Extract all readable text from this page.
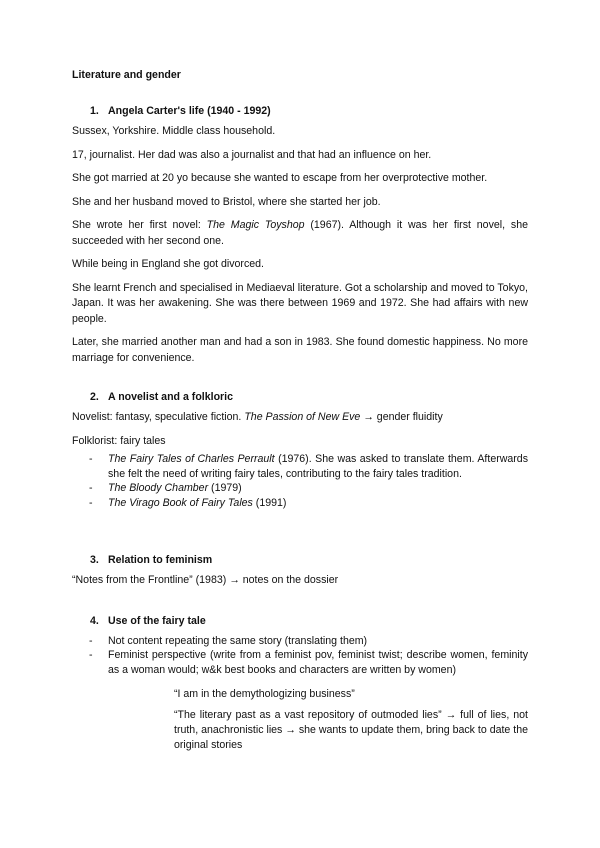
Literature and gender
1. Angela Carter's life (1940 - 1992)

Sussex, Yorkshire. Middle class household.

17, journalist. Her dad was also a journalist and that had an influence on her.

She got married at 20 yo because she wanted to escape from her overprotective mother.

She and her husband moved to Bristol, where she started her job.

She wrote her first novel: The Magic Toyshop (1967). Although it was her first novel, she succeeded with her second one.

While being in England she got divorced.

She learnt French and specialised in Mediaeval literature. Got a scholarship and moved to Tokyo, Japan. It was her awakening. She was there between 1969 and 1972. She had affairs with new people.

Later, she married another man and had a son in 1983. She found domestic happiness. No more marriage for convenience.

2. A novelist and a folkloric

Novelist: fantasy, speculative fiction. The Passion of New Eve → gender fluidity

Folklorist: fairy tales

- The Fairy Tales of Charles Perrault (1976). She was asked to translate them. Afterwards she felt the need of writing fairy tales, contributing to the fairy tales tradition.
- The Bloody Chamber (1979)
- The Virago Book of Fairy Tales (1991)
3. Relation to feminism

“Notes from the Frontline” (1983) → notes on the dossier

4. Use of the fairy tale
- Not content repeating the same story (translating them)
- Feminist perspective (write from a feminist pov, feminist twist; describe women, feminity as a woman would; w&k best books and characters are written by women)

“I am in the demythologizing business”

“The literary past as a vast repository of outmoded lies” → full of lies, not truth, anachronistic lies → she wants to update them, bring back to date the original stories
